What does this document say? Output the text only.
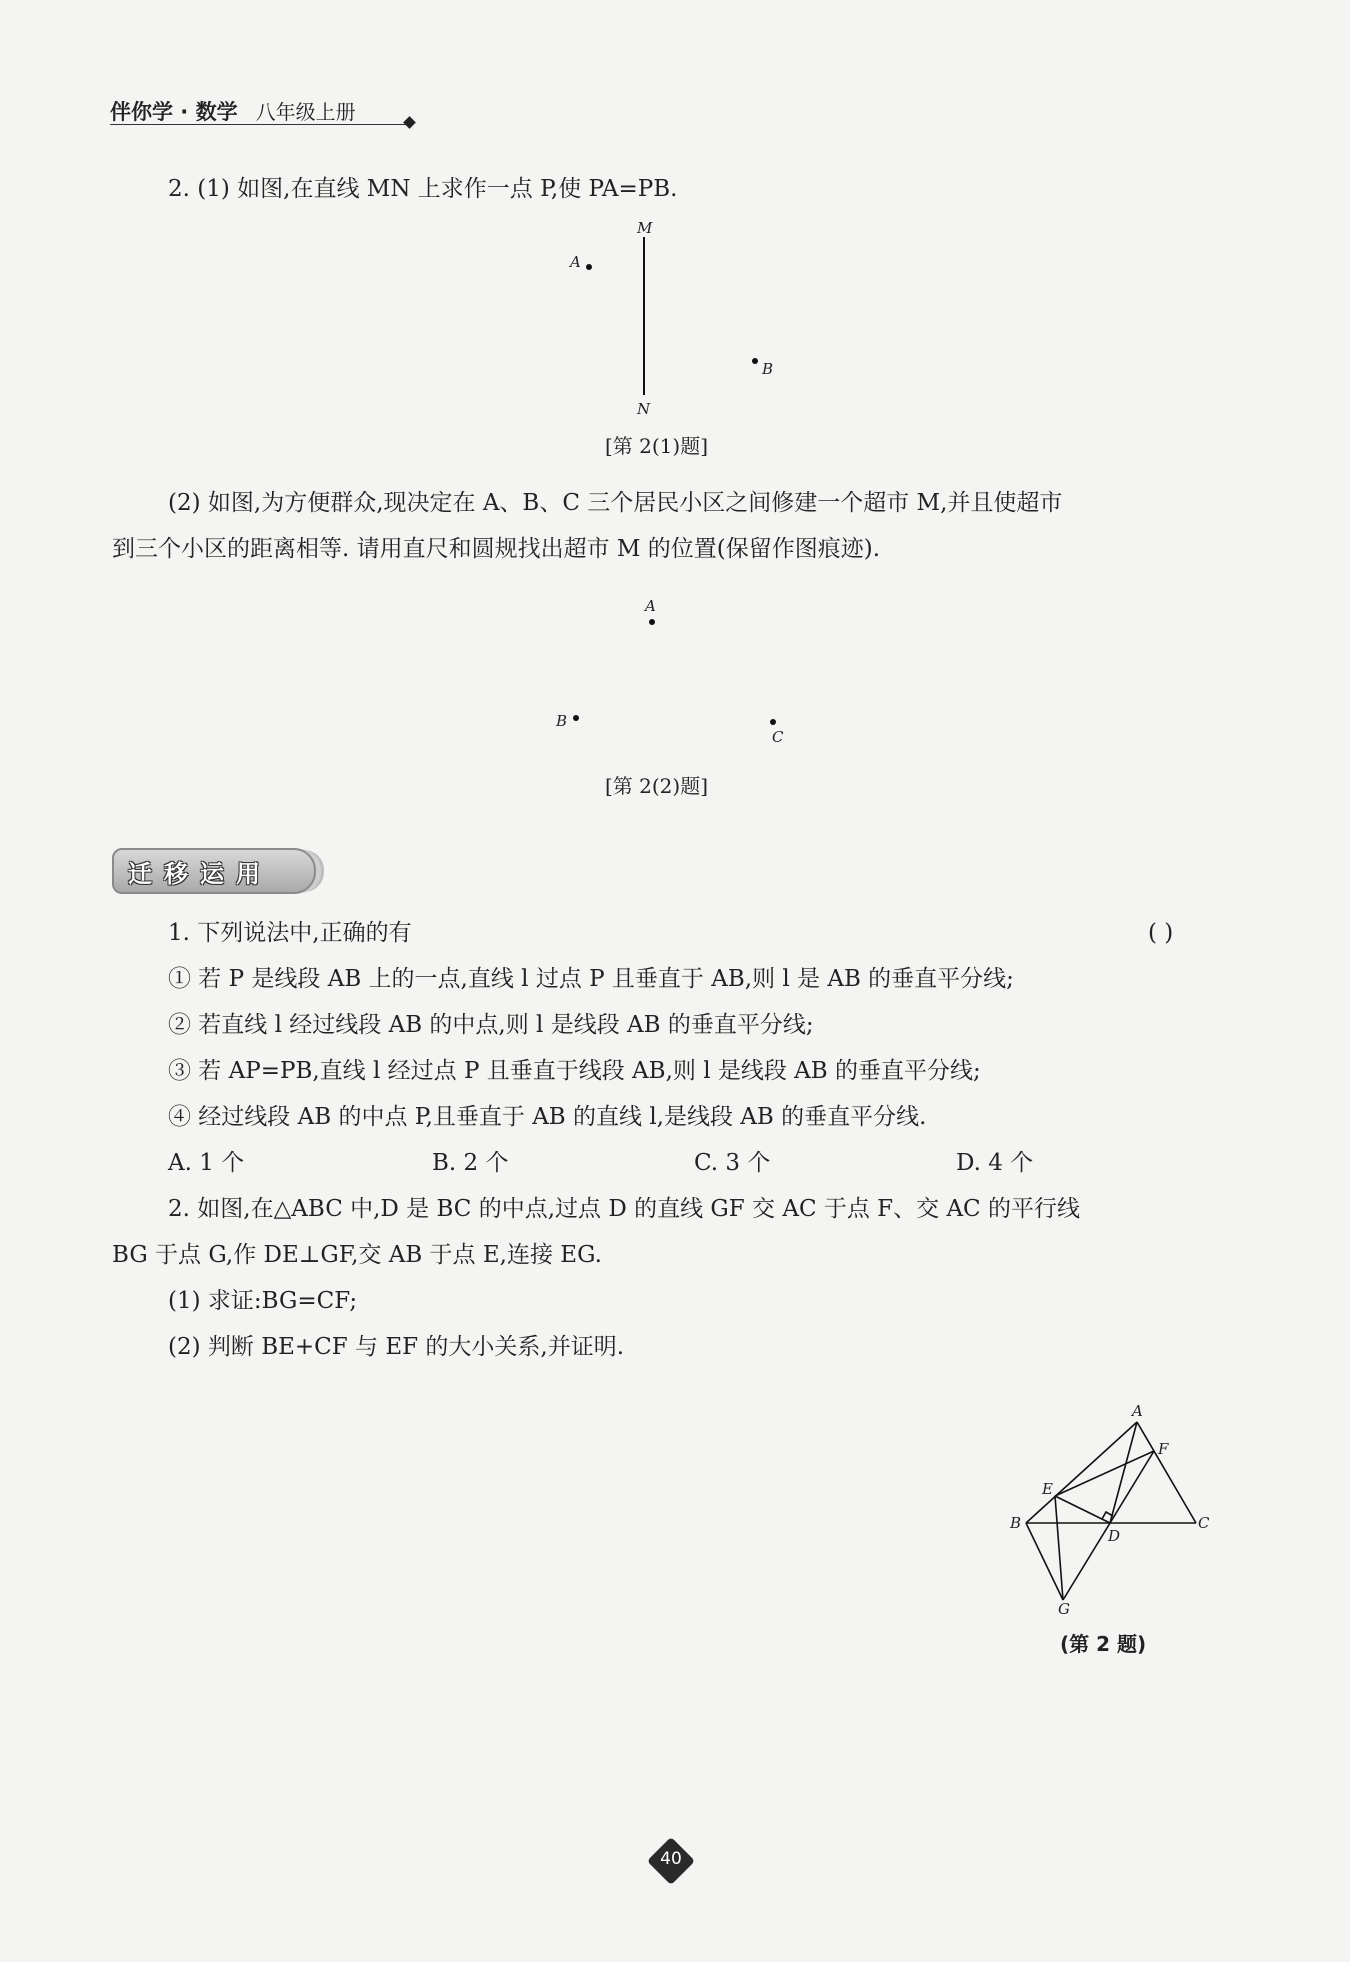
伴你学 · 数学 八年级上册
2. (1) 如图,在直线 MN 上求作一点 P,使 PA=PB.
M
N
A
B
[第 2(1)题]
(2) 如图,为方便群众,现决定在 A、B、C 三个居民小区之间修建一个超市 M,并且使超市
到三个小区的距离相等. 请用直尺和圆规找出超市 M 的位置(保留作图痕迹).
A
B
C
[第 2(2)题]
迁移运用
1. 下列说法中,正确的有	( )
① 若 P 是线段 AB 上的一点,直线 l 过点 P 且垂直于 AB,则 l 是 AB 的垂直平分线;
② 若直线 l 经过线段 AB 的中点,则 l 是线段 AB 的垂直平分线;
③ 若 AP=PB,直线 l 经过点 P 且垂直于线段 AB,则 l 是线段 AB 的垂直平分线;
④ 经过线段 AB 的中点 P,且垂直于 AB 的直线 l,是线段 AB 的垂直平分线.
A. 1 个	B. 2 个	C. 3 个	D. 4 个
2. 如图,在△ABC 中,D 是 BC 的中点,过点 D 的直线 GF 交 AC 于点 F、交 AC 的平行线
BG 于点 G,作 DE⊥GF,交 AB 于点 E,连接 EG.
(1) 求证:BG=CF;
(2) 判断 BE+CF 与 EF 的大小关系,并证明.
A
F
E
B
D
C
G
(第 2 题)
40
